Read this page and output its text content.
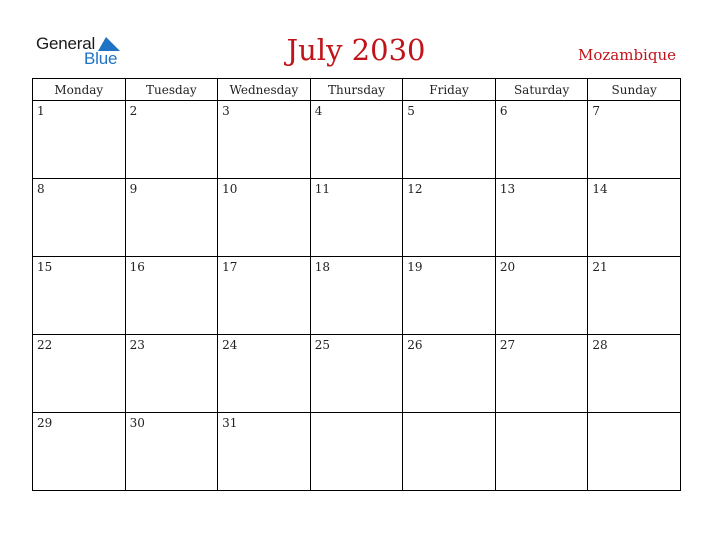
General
Blue	July 2030	Mozambique
Monday	Tuesday	Wednesday	Thursday	Friday	Saturday	Sunday

1	2	3	4	5	6	7

8	9	10	11	12	13	14

15	16	17	18	19	20	21

22	23	24	25	26	27	28

29	30	31				
